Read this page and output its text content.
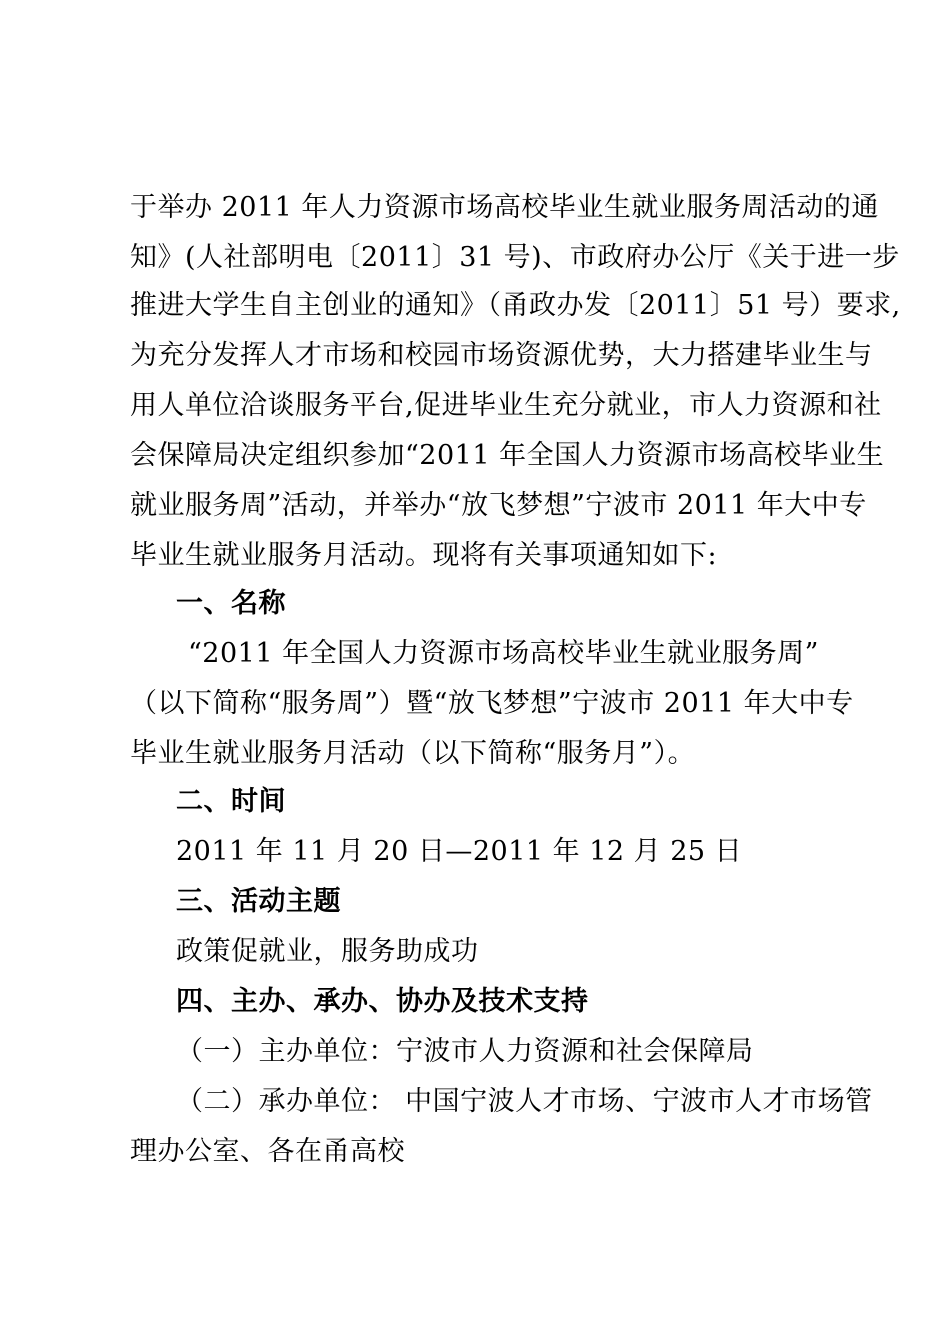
于举办 2011 年人力资源市场高校毕业生就业服务周活动的通
知》(人社部明电〔2011〕31 号)、市政府办公厅《关于进一步
推进大学生自主创业的通知》（甬政办发〔2011〕51 号）要求,
为充分发挥人才市场和校园市场资源优势，大力搭建毕业生与
用人单位洽谈服务平台,促进毕业生充分就业，市人力资源和社
会保障局决定组织参加“2011 年全国人力资源市场高校毕业生
就业服务周”活动，并举办“放飞梦想”宁波市 2011 年大中专
毕业生就业服务月活动。现将有关事项通知如下:
一、名称
“2011 年全国人力资源市场高校毕业生就业服务周”
（以下简称“服务周”）暨“放飞梦想”宁波市 2011 年大中专
毕业生就业服务月活动（以下简称“服务月”）。
二、时间
2011 年 11 月 20 日—2011 年 12 月 25 日
三、活动主题
政策促就业，服务助成功
四、主办、承办、协办及技术支持
（一）主办单位：宁波市人力资源和社会保障局
（二）承办单位： 中国宁波人才市场、宁波市人才市场管
理办公室、各在甬高校
